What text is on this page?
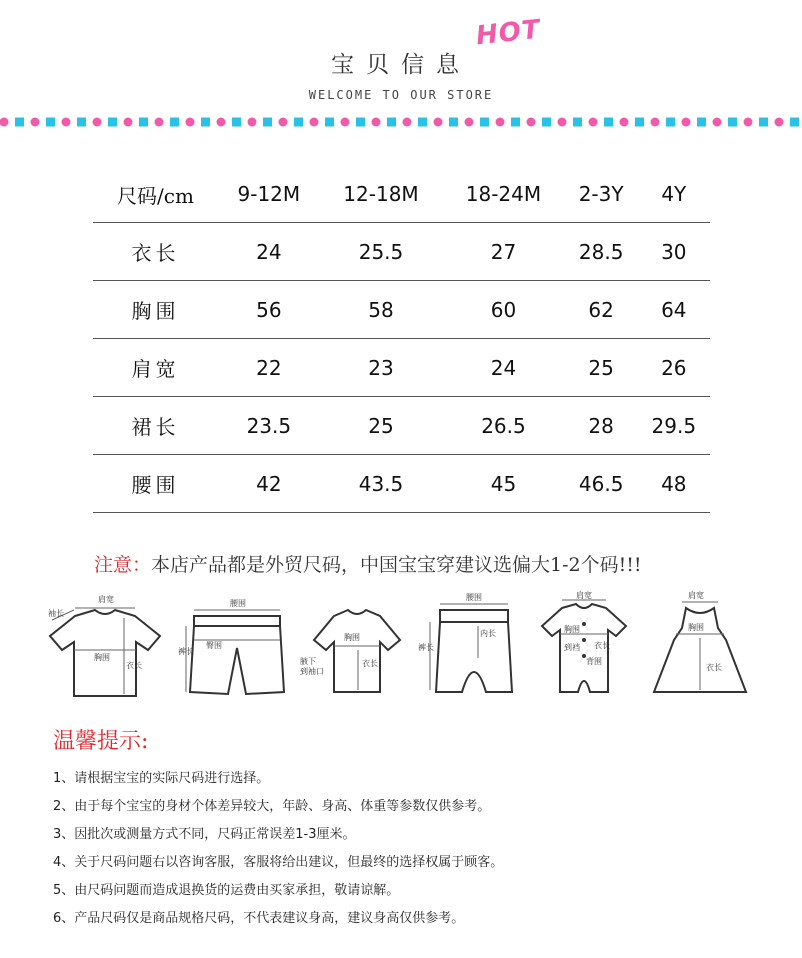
宝贝信息
HOT
WELCOME TO OUR STORE
尺码/cm	9-12M	12-18M	18-24M	2-3Y	4Y
衣长	24	25.5	27	28.5	30
胸围	56	58	60	62	64
肩宽	22	23	24	25	26
裙长	23.5	25	26.5	28	29.5
腰围	42	43.5	45	46.5	48
注意：本店产品都是外贸尺码，中国宝宝穿建议选偏大1-2个码!!!
肩宽
袖长
胸围
衣长
腰围
臀围
裤长
胸围
腋下
到袖口
衣长
腰围
裤长
内长
肩宽
胸围
到裆
背围
衣长
肩宽
胸围
衣长
温馨提示:
1、请根据宝宝的实际尺码进行选择。
2、由于每个宝宝的身材个体差异较大，年龄、身高、体重等参数仅供参考。
3、因批次或测量方式不同，尺码正常误差1-3厘米。
4、关于尺码问题右以咨询客服，客服将给出建议，但最终的选择权属于顾客。
5、由尺码问题而造成退换货的运费由买家承担，敬请谅解。
6、产品尺码仅是商品规格尺码，不代表建议身高，建议身高仅供参考。
